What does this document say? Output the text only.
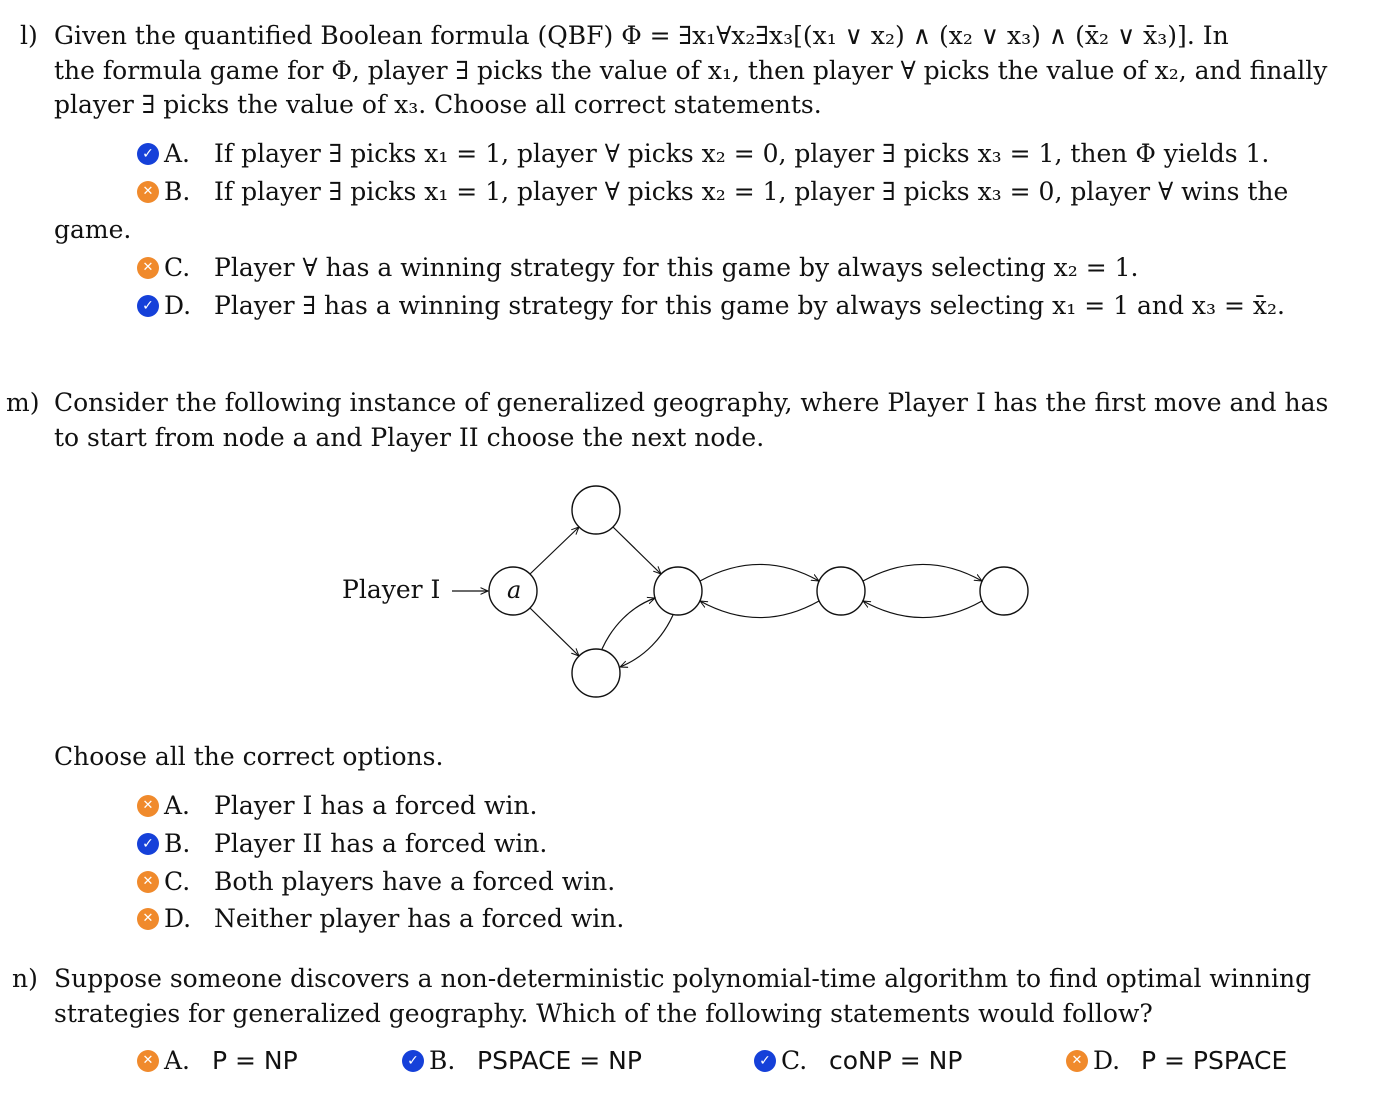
l) Given the quantified Boolean formula (QBF) Φ = ∃x₁∀x₂∃x₃[(x₁ ∨ x₂) ∧ (x₂ ∨ x₃) ∧ (x̄₂ ∨ x̄₃)]. In
the formula game for Φ, player ∃ picks the value of x₁, then player ∀ picks the value of x₂, and finally
player ∃ picks the value of x₃. Choose all correct statements.
✓ A. If player ∃ picks x₁ = 1, player ∀ picks x₂ = 0, player ∃ picks x₃ = 1, then Φ yields 1.
✕ B. If player ∃ picks x₁ = 1, player ∀ picks x₂ = 1, player ∃ picks x₃ = 0, player ∀ wins the
game.
✕ C. Player ∀ has a winning strategy for this game by always selecting x₂ = 1.
✓ D. Player ∃ has a winning strategy for this game by always selecting x₁ = 1 and x₃ = x̄₂.
m) Consider the following instance of generalized geography, where Player I has the first move and has
to start from node a and Player II choose the next node.
Player I	a
Choose all the correct options.
✕ A. Player I has a forced win.
✓ B. Player II has a forced win.
✕ C. Both players have a forced win.
✕ D. Neither player has a forced win.
n) Suppose someone discovers a non-deterministic polynomial-time algorithm to find optimal winning
strategies for generalized geography. Which of the following statements would follow?
✕ A. P = NP	✓ B. PSPACE = NP	✓ C. coNP = NP	✕ D. P = PSPACE
